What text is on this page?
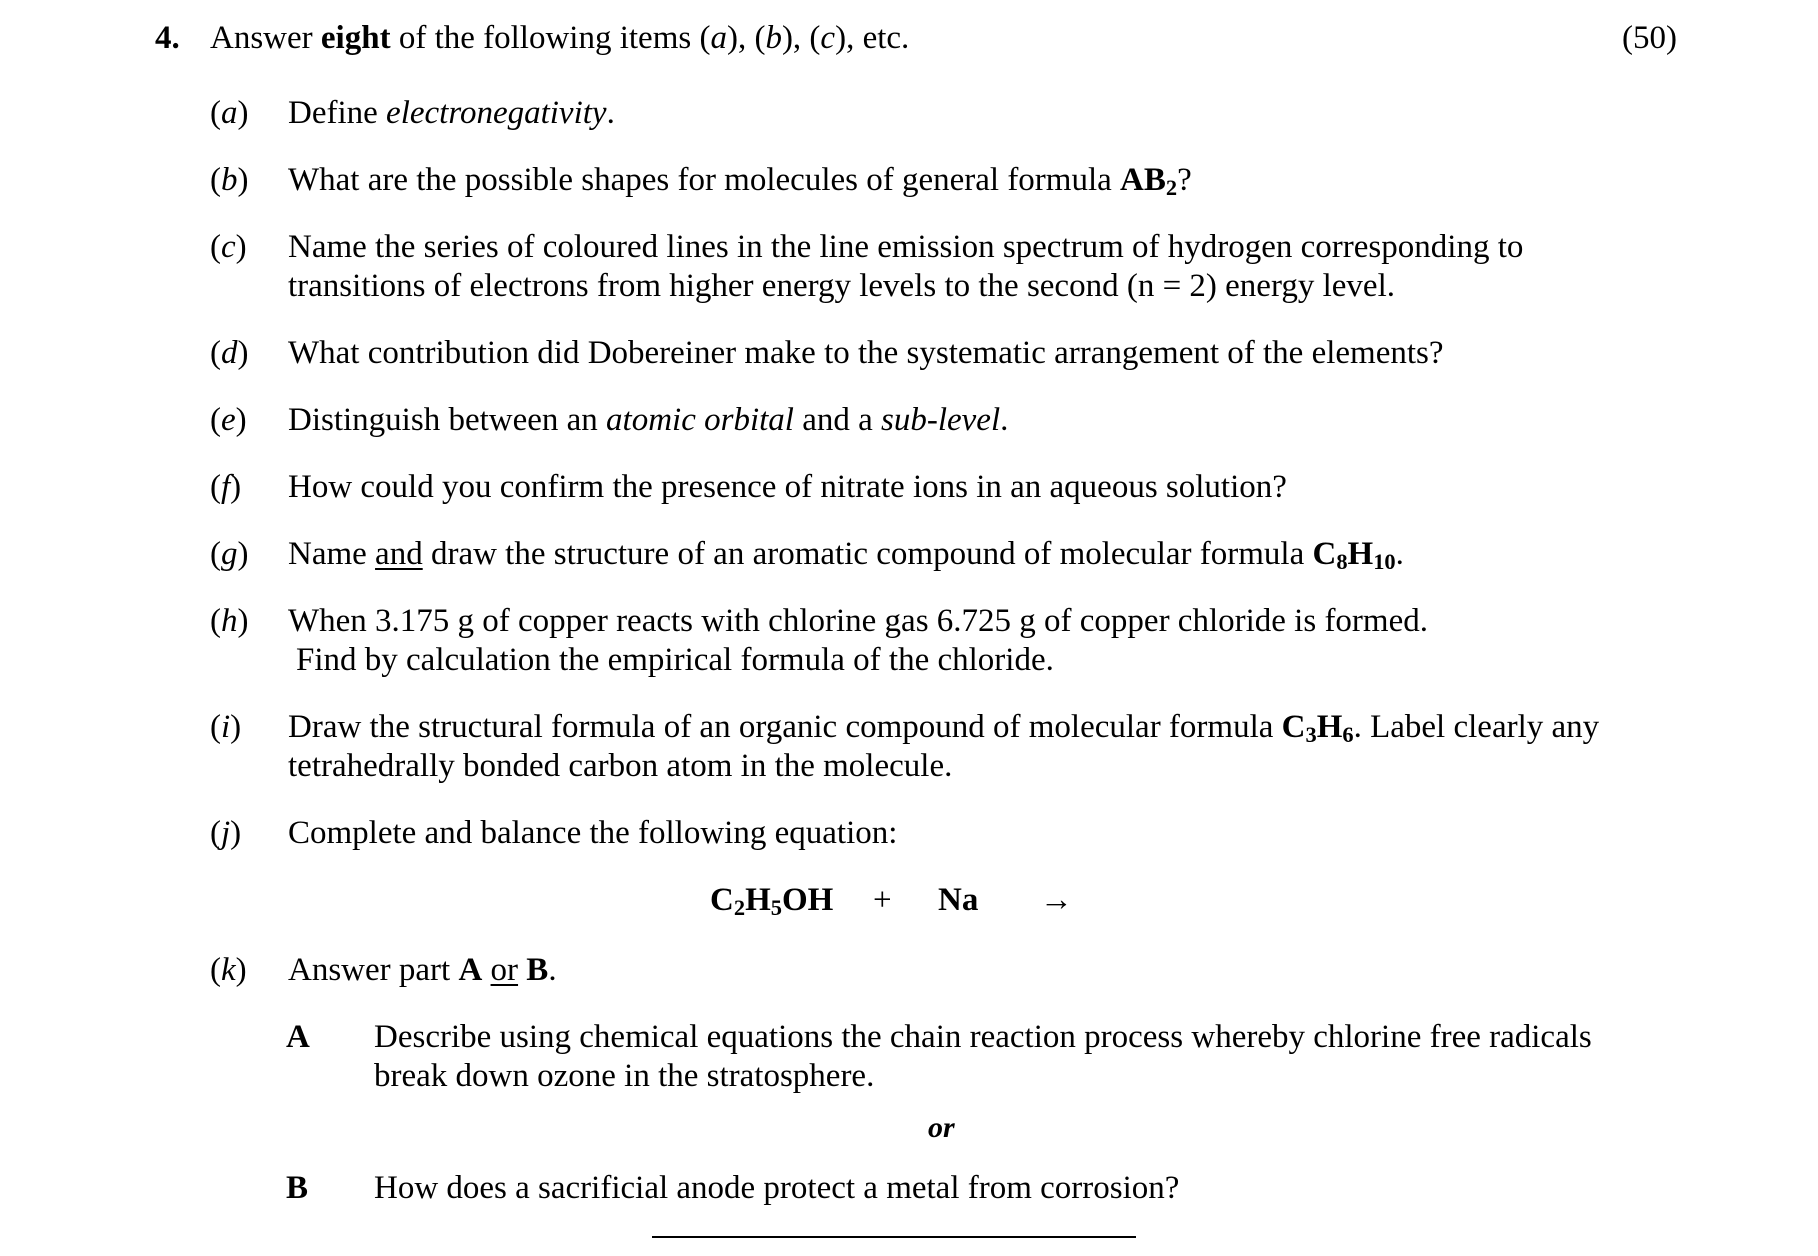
4. Answer eight of the following items (a), (b), (c), etc.	(50)
(a) Define electronegativity.
(b) What are the possible shapes for molecules of general formula $AB_2$?
(c) Name the series of coloured lines in the line emission spectrum of hydrogen corresponding to
transitions of electrons from higher energy levels to the second (n = 2) energy level.
(d) What contribution did Dobereiner make to the systematic arrangement of the elements?
(e) Distinguish between an atomic orbital and a sub-level.
(f) How could you confirm the presence of nitrate ions in an aqueous solution?
(g) Name and draw the structure of an aromatic compound of molecular formula $C_8H_{10}$.
(h) When 3.175 g of copper reacts with chlorine gas 6.725 g of copper chloride is formed.
Find by calculation the empirical formula of the chloride.
(i) Draw the structural formula of an organic compound of molecular formula $C_3H_6$. Label clearly any
tetrahedrally bonded carbon atom in the molecule.
(j) Complete and balance the following equation:
$C_2H_5OH + Na$ →
(k) Answer part A or B.
A Describe using chemical equations the chain reaction process whereby chlorine free radicals
break down ozone in the stratosphere.
or
B How does a sacrificial anode protect a metal from corrosion?
